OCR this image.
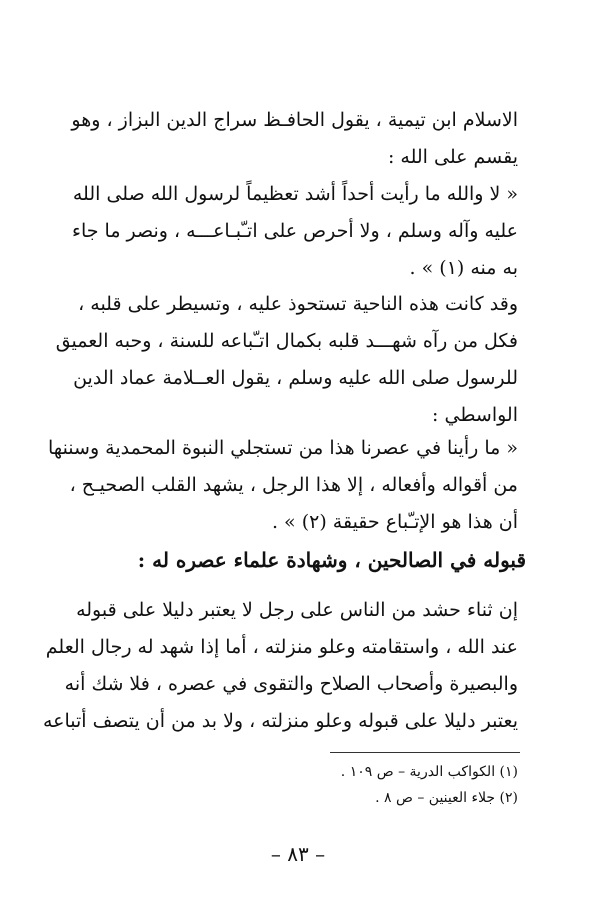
الاسلام ابن تيمية ، يقول الحافـظ سراج الدين البزاز ، وهو
يقسم على الله :
« لا والله ما رأيت أحداً أشد تعظيماً لرسول الله صلى الله
عليه وآله وسلم ، ولا أحرص على اتـّبـاعـــه ، ونصر ما جاء
به منه (١) » .
وقد كانت هذه الناحية تستحوذ عليه ، وتسيطر على قلبه ،
فكل من رآه شهـــد قلبه بكمال اتـّباعه للسنة ، وحبه العميق
للرسول صلى الله عليه وسلم ، يقول العــلامة عماد الدين
الواسطي :
« ما رأينا في عصرنا هذا من تستجلي النبوة المحمدية وسننها
من أقواله وأفعاله ، إلا هذا الرجل ، يشهد القلب الصحيـح ،
أن هذا هو الإتـّباع حقيقة (٢) » .
قبوله في الصالحين ، وشهادة علماء عصره له :
إن ثناء حشد من الناس على رجل لا يعتبر دليلا على قبوله
عند الله ، واستقامته وعلو منزلته ، أما إذا شهد له رجال العلم
والبصيرة وأصحاب الصلاح والتقوى في عصره ، فلا شك أنه
يعتبر دليلا على قبوله وعلو منزلته ، ولا بد من أن يتصف أتباعه
(١) الكواكب الدرية – ص ١٠٩ .
(٢) جلاء العينين – ص ٨ .
– ٨٣ –
